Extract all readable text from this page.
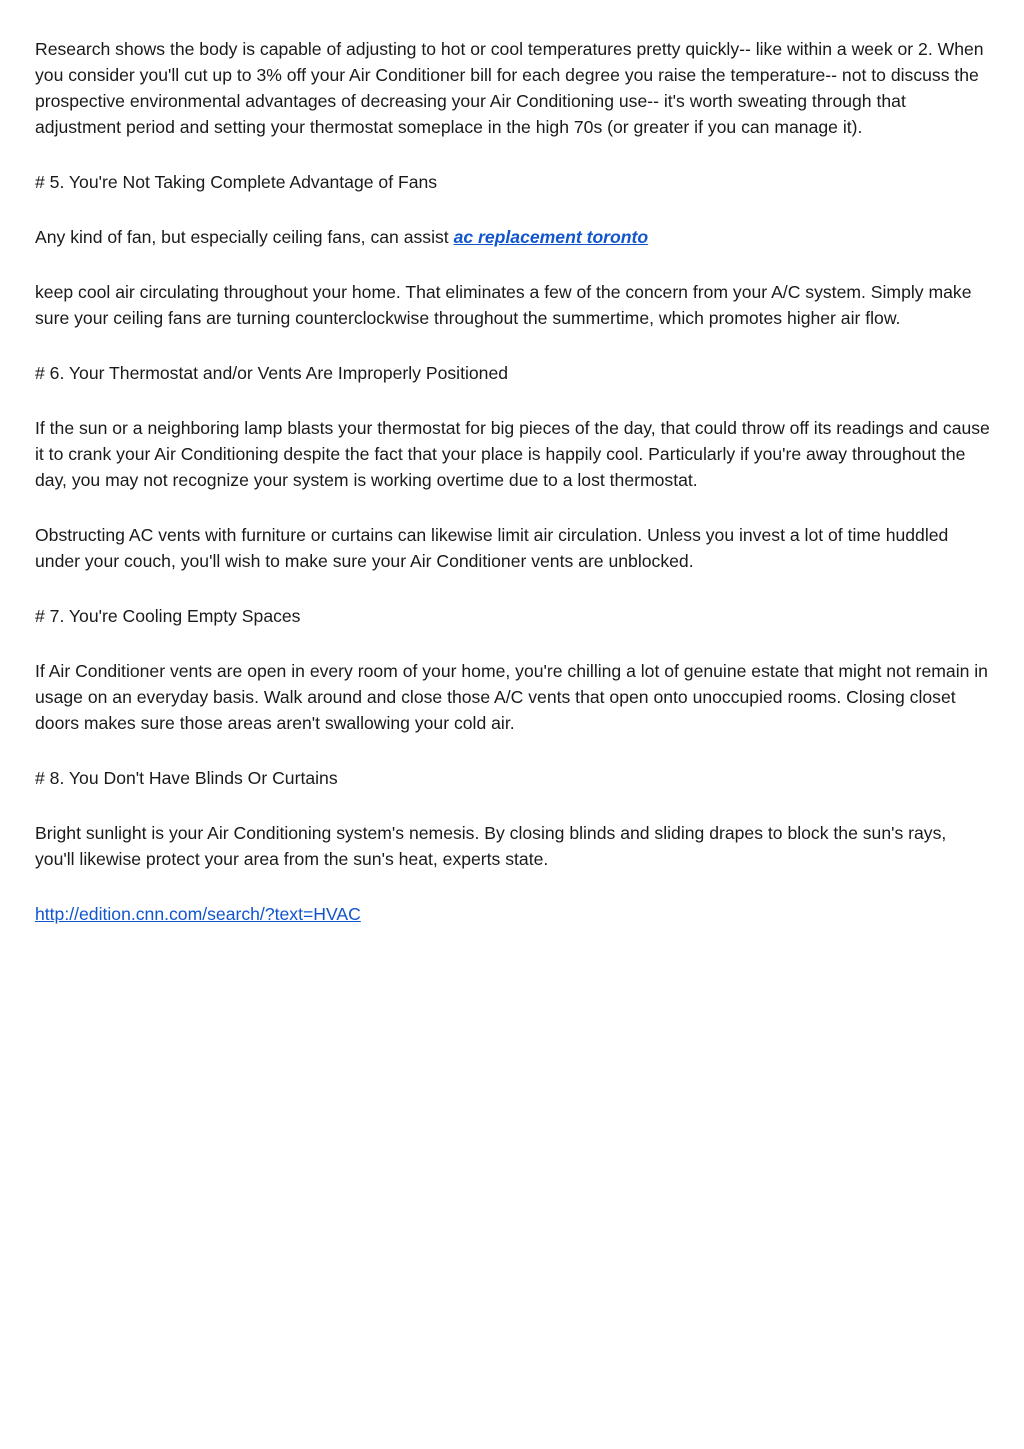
Research shows the body is capable of adjusting to hot or cool temperatures pretty quickly-- like within a week or 2. When you consider you'll cut up to 3% off your Air Conditioner bill for each degree you raise the temperature-- not to discuss the prospective environmental advantages of decreasing your Air Conditioning use-- it's worth sweating through that adjustment period and setting your thermostat someplace in the high 70s (or greater if you can manage it).

# 5. You're Not Taking Complete Advantage of Fans

Any kind of fan, but especially ceiling fans, can assist ac replacement toronto

keep cool air circulating throughout your home. That eliminates a few of the concern from your A/C system. Simply make sure your ceiling fans are turning counterclockwise throughout the summertime, which promotes higher air flow.

# 6. Your Thermostat and/or Vents Are Improperly Positioned

If the sun or a neighboring lamp blasts your thermostat for big pieces of the day, that could throw off its readings and cause it to crank your Air Conditioning despite the fact that your place is happily cool. Particularly if you're away throughout the day, you may not recognize your system is working overtime due to a lost thermostat.

Obstructing AC vents with furniture or curtains can likewise limit air circulation. Unless you invest a lot of time huddled under your couch, you'll wish to make sure your Air Conditioner vents are unblocked.

# 7. You're Cooling Empty Spaces

If Air Conditioner vents are open in every room of your home, you're chilling a lot of genuine estate that might not remain in usage on an everyday basis. Walk around and close those A/C vents that open onto unoccupied rooms. Closing closet doors makes sure those areas aren't swallowing your cold air.

# 8. You Don't Have Blinds Or Curtains

Bright sunlight is your Air Conditioning system's nemesis. By closing blinds and sliding drapes to block the sun's rays, you'll likewise protect your area from the sun's heat, experts state.

http://edition.cnn.com/search/?text=HVAC
